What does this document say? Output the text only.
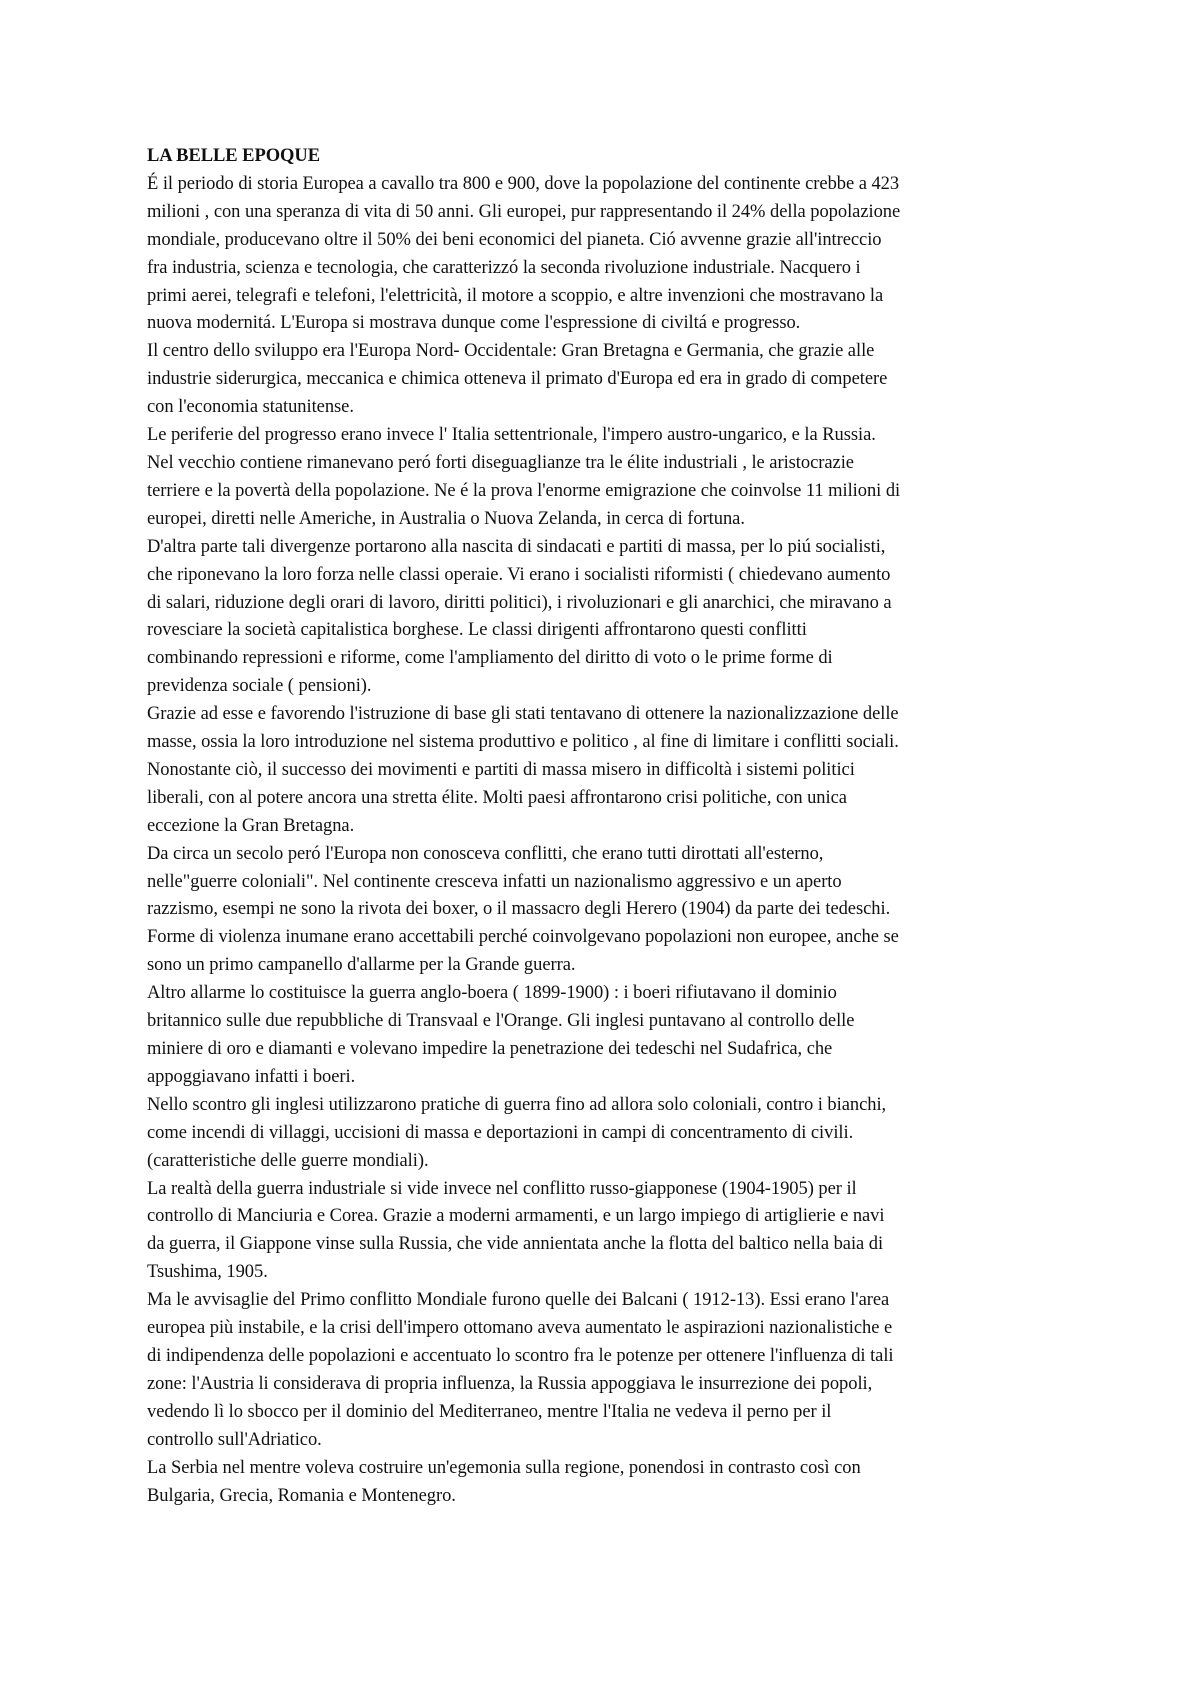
LA BELLE EPOQUE
É il periodo di storia Europea a cavallo tra 800 e 900, dove la popolazione del continente crebbe a 423
milioni , con una speranza di vita di 50 anni. Gli europei, pur rappresentando il 24% della popolazione
mondiale, producevano oltre il 50% dei beni economici del pianeta. Ció avvenne grazie all'intreccio
fra industria, scienza e tecnologia, che caratterizzó la seconda rivoluzione industriale. Nacquero i
primi aerei, telegrafi e telefoni, l'elettricità, il motore a scoppio, e altre invenzioni che mostravano la
nuova modernitá. L'Europa si mostrava dunque come l'espressione di civiltá e progresso.
Il centro dello sviluppo era l'Europa Nord- Occidentale: Gran Bretagna e Germania, che grazie alle
industrie siderurgica, meccanica e chimica otteneva il primato d'Europa ed era in grado di competere
con l'economia statunitense.
Le periferie del progresso erano invece l' Italia settentrionale, l'impero austro-ungarico, e la Russia.
Nel vecchio contiene rimanevano peró forti diseguaglianze tra le élite industriali , le aristocrazie
terriere e la povertà della popolazione. Ne é la prova l'enorme emigrazione che coinvolse 11 milioni di
europei, diretti nelle Americhe, in Australia o Nuova Zelanda, in cerca di fortuna.
D'altra parte tali divergenze portarono alla nascita di sindacati e partiti di massa, per lo piú socialisti,
che riponevano la loro forza nelle classi operaie. Vi erano i socialisti riformisti ( chiedevano aumento
di salari, riduzione degli orari di lavoro, diritti politici), i rivoluzionari e gli anarchici, che miravano a
rovesciare la società capitalistica borghese. Le classi dirigenti affrontarono questi conflitti
combinando repressioni e riforme, come l'ampliamento del diritto di voto o le prime forme di
previdenza sociale ( pensioni).
Grazie ad esse e favorendo l'istruzione di base gli stati tentavano di ottenere la nazionalizzazione delle
masse, ossia la loro introduzione nel sistema produttivo e politico , al fine di limitare i conflitti sociali.
Nonostante ciò, il successo dei movimenti e partiti di massa misero in difficoltà i sistemi politici
liberali, con al potere ancora una stretta élite. Molti paesi affrontarono crisi politiche, con unica
eccezione la Gran Bretagna.
Da circa un secolo peró l'Europa non conosceva conflitti, che erano tutti dirottati all'esterno,
nelle"guerre coloniali". Nel continente cresceva infatti un nazionalismo aggressivo e un aperto
razzismo, esempi ne sono la rivota dei boxer, o il massacro degli Herero (1904) da parte dei tedeschi.
Forme di violenza inumane erano accettabili perché coinvolgevano popolazioni non europee, anche se
sono un primo campanello d'allarme per la Grande guerra.
Altro allarme lo costituisce la guerra anglo-boera ( 1899-1900) : i boeri rifiutavano il dominio
britannico sulle due repubbliche di Transvaal e l'Orange. Gli inglesi puntavano al controllo delle
miniere di oro e diamanti e volevano impedire la penetrazione dei tedeschi nel Sudafrica, che
appoggiavano infatti i boeri.
Nello scontro gli inglesi utilizzarono pratiche di guerra fino ad allora solo coloniali, contro i bianchi,
come incendi di villaggi, uccisioni di massa e deportazioni in campi di concentramento di civili.
(caratteristiche delle guerre mondiali).
La realtà della guerra industriale si vide invece nel conflitto russo-giapponese (1904-1905) per il
controllo di Manciuria e Corea. Grazie a moderni armamenti, e un largo impiego di artiglierie e navi
da guerra, il Giappone vinse sulla Russia, che vide annientata anche la flotta del baltico nella baia di
Tsushima, 1905.
Ma le avvisaglie del Primo conflitto Mondiale furono quelle dei Balcani ( 1912-13). Essi erano l'area
europea più instabile, e la crisi dell'impero ottomano aveva aumentato le aspirazioni nazionalistiche e
di indipendenza delle popolazioni e accentuato lo scontro fra le potenze per ottenere l'influenza di tali
zone: l'Austria li considerava di propria influenza, la Russia appoggiava le insurrezione dei popoli,
vedendo lì lo sbocco per il dominio del Mediterraneo, mentre l'Italia ne vedeva il perno per il
controllo sull'Adriatico.
La Serbia nel mentre voleva costruire un'egemonia sulla regione, ponendosi in contrasto così con
Bulgaria, Grecia, Romania e Montenegro.
